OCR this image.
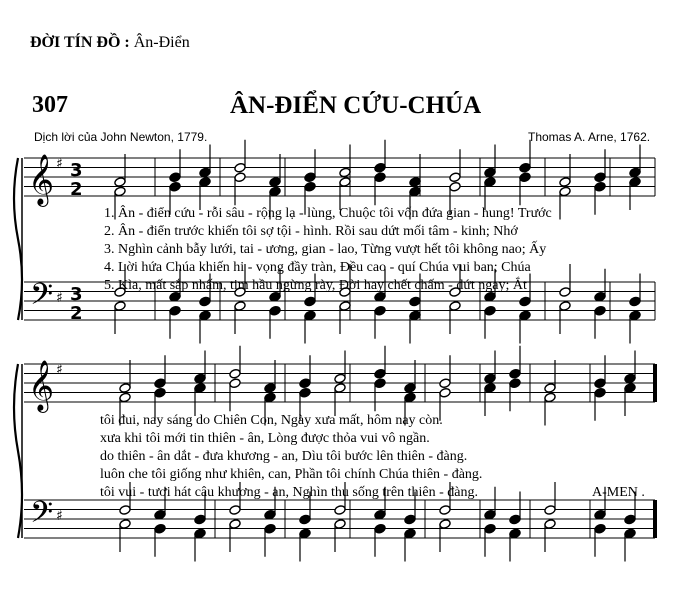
ĐỜI TÍN ĐỒ : Ân-Điển
307	ÂN-ĐIỂN CỨU-CHÚA
Dịch lời của John Newton, 1779.	Thomas A. Arne, 1762.
𝄞
𝄢
♯
♯
3
2
3
2
𝄞
𝄢
♯
♯
1. Ân - điển cứu - rỗi sâu - rộng lạ - lùng, Chuộc tôi vốn đứa gian - hung! Trước
2. Ân - điển trước khiến tôi sợ tội - hình. Rồi sau dứt mối tâm - kinh; Nhớ
3. Nghìn cảnh bẫy lưới, tai - ương, gian - lao, Từng vượt hết tôi không nao; Ấy
4. Lời hứa Chúa khiến hi - vọng đầy tràn, Đều cao - quí Chúa vui ban; Chúa
5. Kìa, mất sắp nhấm, tim hầu ngừng rày, Đời hay chết chấm - dứt ngay; Ắt
tôi đui, nay sáng do Chiên Con, Ngày xưa mất, hôm nay còn.
xưa khi tôi mới tin thiên - ân, Lòng được thỏa vui vô ngần.
do thiên - ân dắt - đưa khương - an, Dìu tôi bước lên thiên - đàng.
luôn che tôi giống như khiên, can, Phần tôi chính Chúa thiên - đàng.
tôi vui - tươi hát câu khương - an, Nghìn thu sống trên thiên - đàng.	A-MEN .
